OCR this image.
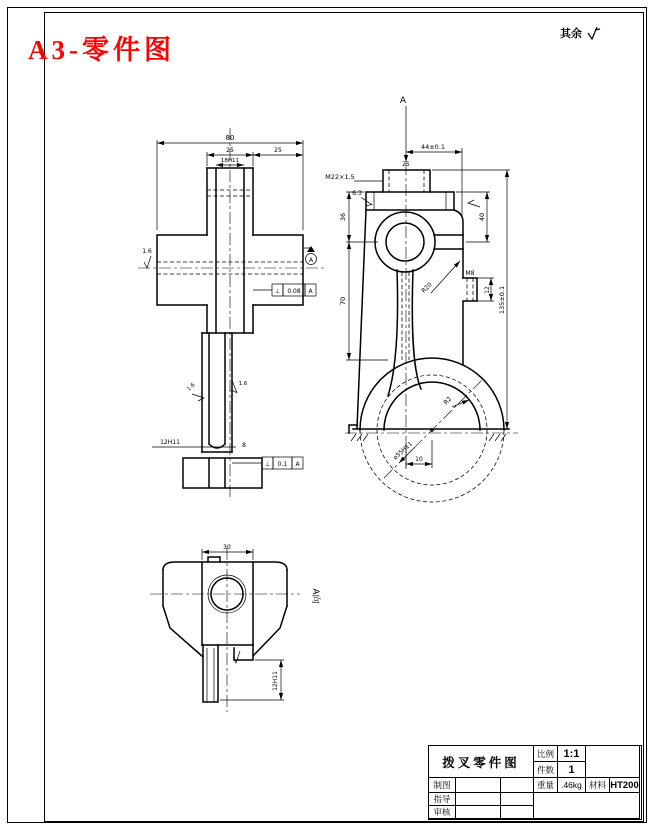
A3-零件图
其余
80
25	25
18H11
12H11	8
1.6
1.6	1.6
A
⊥ 0.08 A
⊥ 0.1 A
A
44±0.1
25
M22×1.5
36
70
40
135±0.1
M8
12
R20
R2
⌀55H11 10
6.3
30
12H11
A向
拨叉零件图
比例 1:1
件数	1
制图	重量 .46kg 材料 HT200
指导
审核
